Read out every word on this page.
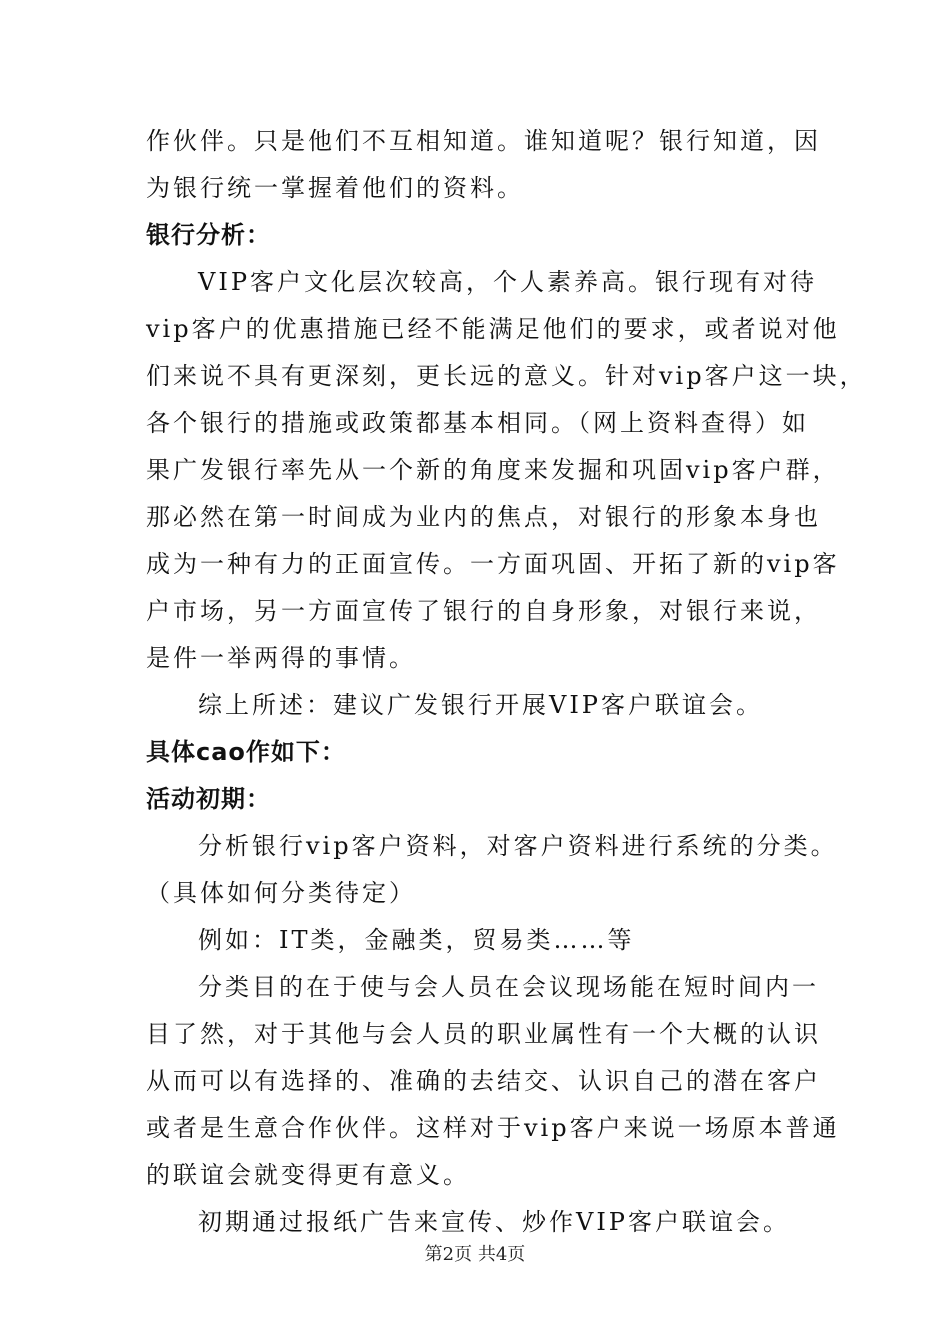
作伙伴。只是他们不互相知道。谁知道呢？银行知道，因
为银行统一掌握着他们的资料。
银行分析：
VIP客户文化层次较高，个人素养高。银行现有对待
vip客户的优惠措施已经不能满足他们的要求，或者说对他
们来说不具有更深刻，更长远的意义。针对vip客户这一块，
各个银行的措施或政策都基本相同。（网上资料查得）如
果广发银行率先从一个新的角度来发掘和巩固vip客户群，
那必然在第一时间成为业内的焦点，对银行的形象本身也
成为一种有力的正面宣传。一方面巩固、开拓了新的vip客
户市场，另一方面宣传了银行的自身形象，对银行来说，
是件一举两得的事情。
综上所述：建议广发银行开展VIP客户联谊会。
具体cao作如下：
活动初期：
分析银行vip客户资料，对客户资料进行系统的分类。
（具体如何分类待定）
例如：IT类，金融类，贸易类……等
分类目的在于使与会人员在会议现场能在短时间内一
目了然，对于其他与会人员的职业属性有一个大概的认识
从而可以有选择的、准确的去结交、认识自己的潜在客户
或者是生意合作伙伴。这样对于vip客户来说一场原本普通
的联谊会就变得更有意义。
初期通过报纸广告来宣传、炒作VIP客户联谊会。
第2页 共4页
